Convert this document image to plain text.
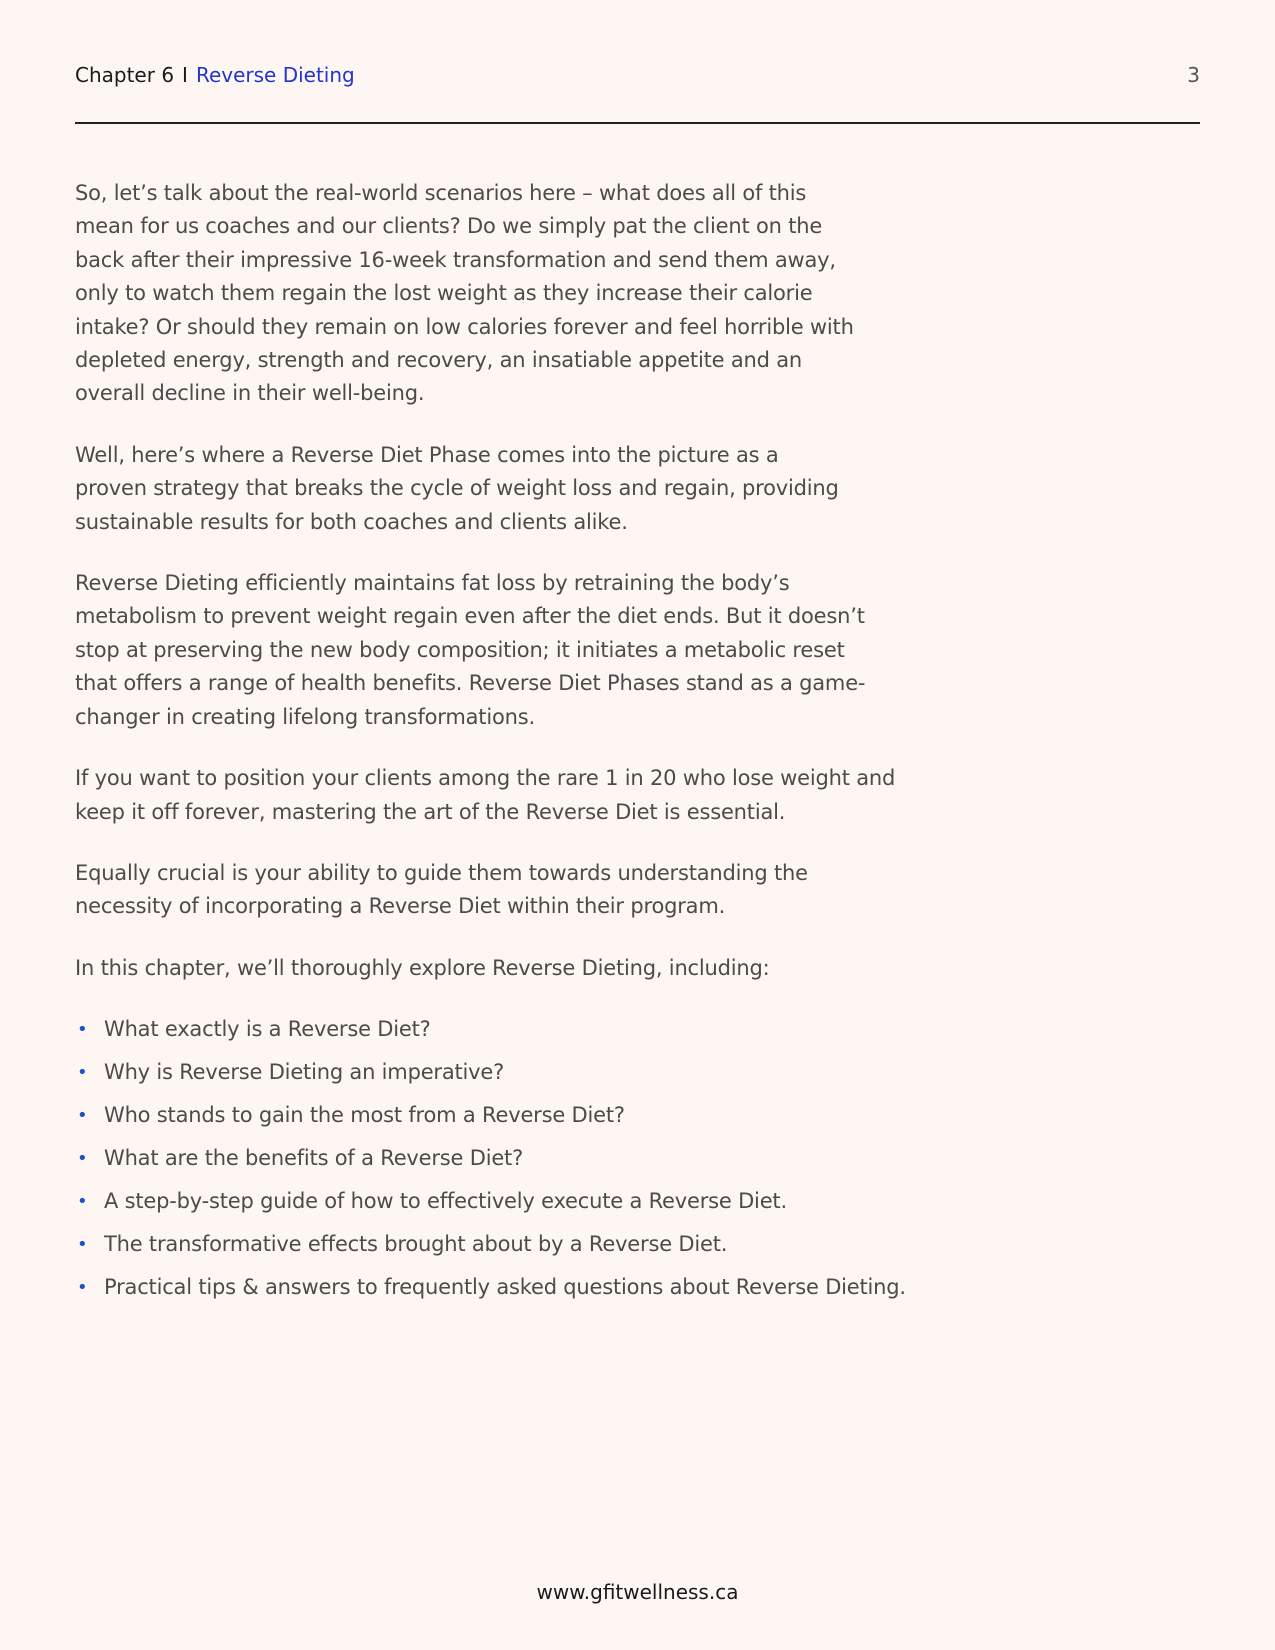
Chapter 6 I Reverse Dieting	3

So, let’s talk about the real-world scenarios here – what does all of this
mean for us coaches and our clients? Do we simply pat the client on the
back after their impressive 16-week transformation and send them away,
only to watch them regain the lost weight as they increase their calorie
intake? Or should they remain on low calories forever and feel horrible with
depleted energy, strength and recovery, an insatiable appetite and an
overall decline in their well-being.

Well, here’s where a Reverse Diet Phase comes into the picture as a
proven strategy that breaks the cycle of weight loss and regain, providing
sustainable results for both coaches and clients alike.

Reverse Dieting efficiently maintains fat loss by retraining the body’s
metabolism to prevent weight regain even after the diet ends. But it doesn’t
stop at preserving the new body composition; it initiates a metabolic reset
that offers a range of health benefits. Reverse Diet Phases stand as a game-
changer in creating lifelong transformations.

If you want to position your clients among the rare 1 in 20 who lose weight and
keep it off forever, mastering the art of the Reverse Diet is essential.

Equally crucial is your ability to guide them towards understanding the
necessity of incorporating a Reverse Diet within their program.

In this chapter, we’ll thoroughly explore Reverse Dieting, including:

• What exactly is a Reverse Diet?
• Why is Reverse Dieting an imperative?
• Who stands to gain the most from a Reverse Diet?
• What are the benefits of a Reverse Diet?
• A step-by-step guide of how to effectively execute a Reverse Diet.
• The transformative effects brought about by a Reverse Diet.
• Practical tips & answers to frequently asked questions about Reverse Dieting.
www.gfitwellness.ca
